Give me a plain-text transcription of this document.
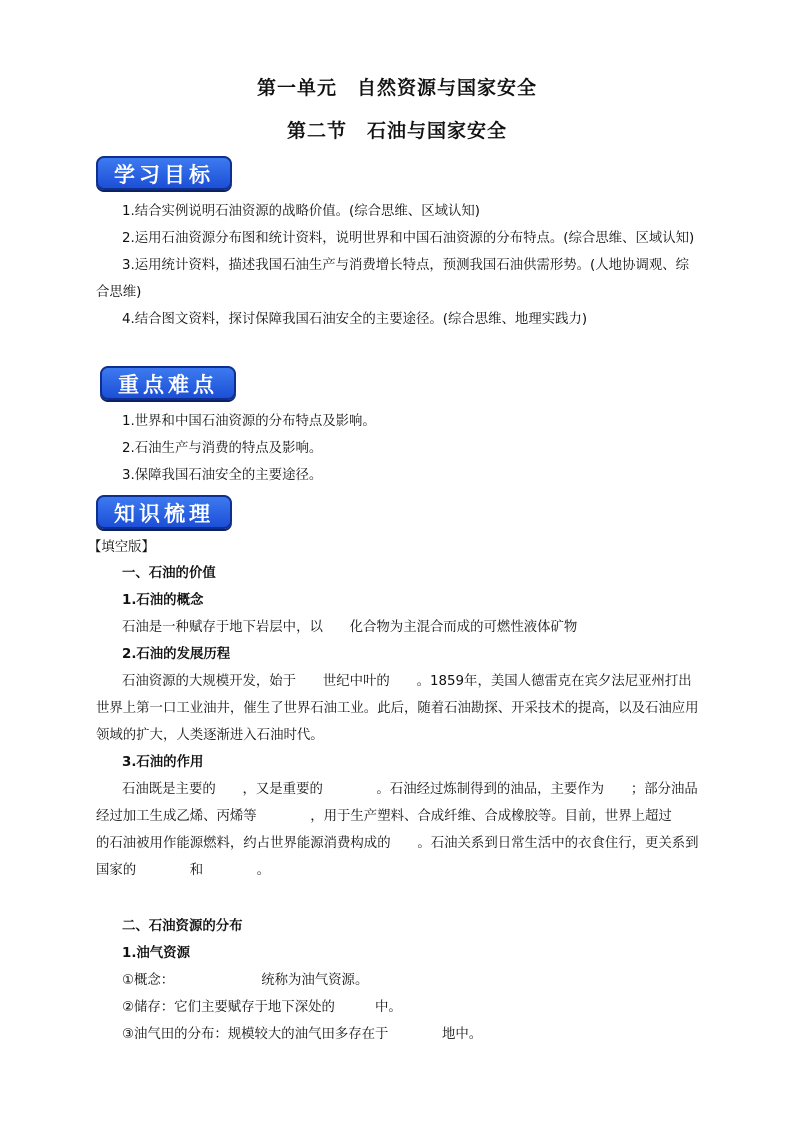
第一单元　自然资源与国家安全
第二节　石油与国家安全
学习目标
1.结合实例说明石油资源的战略价值。(综合思维、区域认知)
2.运用石油资源分布图和统计资料，说明世界和中国石油资源的分布特点。(综合思维、区域认知)
3.运用统计资料，描述我国石油生产与消费增长特点，预测我国石油供需形势。(人地协调观、综合思维)
4.结合图文资料，探讨保障我国石油安全的主要途径。(综合思维、地理实践力)
重点难点
1.世界和中国石油资源的分布特点及影响。
2.石油生产与消费的特点及影响。
3.保障我国石油安全的主要途径。
知识梳理
【填空版】
一、石油的价值
1.石油的概念
石油是一种赋存于地下岩层中，以　　化合物为主混合而成的可燃性液体矿物
2.石油的发展历程
石油资源的大规模开发，始于　　世纪中叶的　　。1859年，美国人德雷克在宾夕法尼亚州打出世界上第一口工业油井，催生了世界石油工业。此后，随着石油勘探、开采技术的提高，以及石油应用领域的扩大，人类逐渐进入石油时代。
3.石油的作用
石油既是主要的　　，又是重要的　　　　。石油经过炼制得到的油品，主要作为　　；部分油品经过加工生成乙烯、丙烯等　　　　，用于生产塑料、合成纤维、合成橡胶等。目前，世界上超过　　的石油被用作能源燃料，约占世界能源消费构成的　　。石油关系到日常生活中的衣食住行，更关系到国家的　　　　和　　　　。
二、石油资源的分布
1.油气资源
①概念：　　　　　　　统称为油气资源。
②储存：它们主要赋存于地下深处的　　　中。
③油气田的分布：规模较大的油气田多存在于　　　　地中。
